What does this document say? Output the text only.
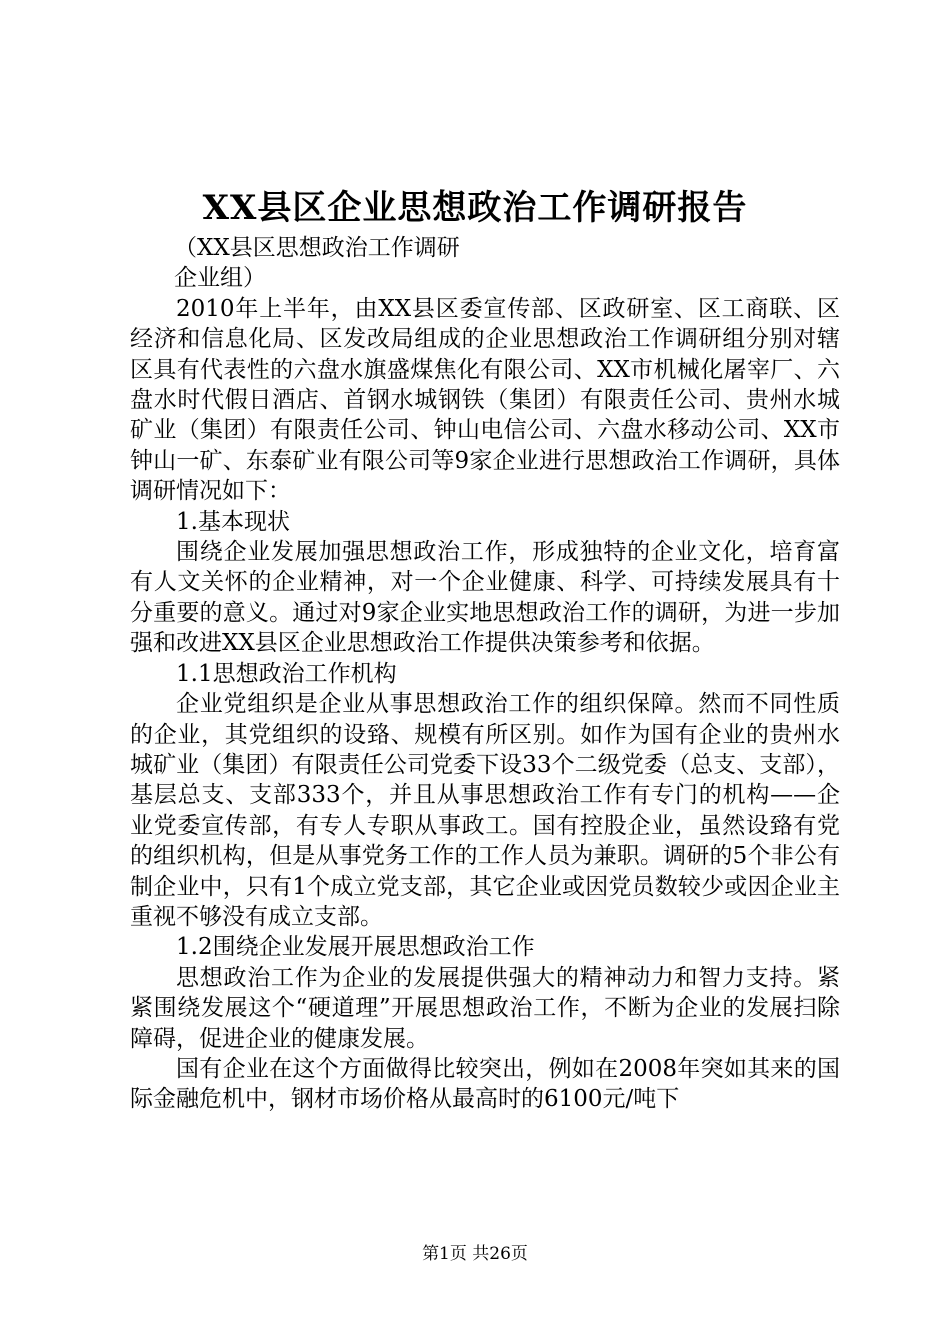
XX县区企业思想政治工作调研报告

（XX县区思想政治工作调研

企业组）

2010年上半年，由XX县区委宣传部、区政研室、区工商联、区经济和信息化局、区发改局组成的企业思想政治工作调研组分别对辖区具有代表性的六盘水旗盛煤焦化有限公司、XX市机械化屠宰厂、六盘水时代假日酒店、首钢水城钢铁（集团）有限责任公司、贵州水城矿业（集团）有限责任公司、钟山电信公司、六盘水移动公司、XX市钟山一矿、东泰矿业有限公司等9家企业进行思想政治工作调研，具体调研情况如下：

1.基本现状

围绕企业发展加强思想政治工作，形成独特的企业文化，培育富有人文关怀的企业精神，对一个企业健康、科学、可持续发展具有十分重要的意义。通过对9家企业实地思想政治工作的调研，为进一步加强和改进XX县区企业思想政治工作提供决策参考和依据。

1.1思想政治工作机构

企业党组织是企业从事思想政治工作的组织保障。然而不同性质的企业，其党组织的设臵、规模有所区别。如作为国有企业的贵州水城矿业（集团）有限责任公司党委下设33个二级党委（总支、支部），基层总支、支部333个，并且从事思想政治工作有专门的机构——企业党委宣传部，有专人专职从事政工。国有控股企业，虽然设臵有党的组织机构，但是从事党务工作的工作人员为兼职。调研的5个非公有制企业中，只有1个成立党支部，其它企业或因党员数较少或因企业主重视不够没有成立支部。

1.2围绕企业发展开展思想政治工作

思想政治工作为企业的发展提供强大的精神动力和智力支持。紧紧围绕发展这个“硬道理”开展思想政治工作，不断为企业的发展扫除障碍，促进企业的健康发展。

国有企业在这个方面做得比较突出，例如在2008年突如其来的国际金融危机中，钢材市场价格从最高时的6100元/吨下

第1页 共26页
